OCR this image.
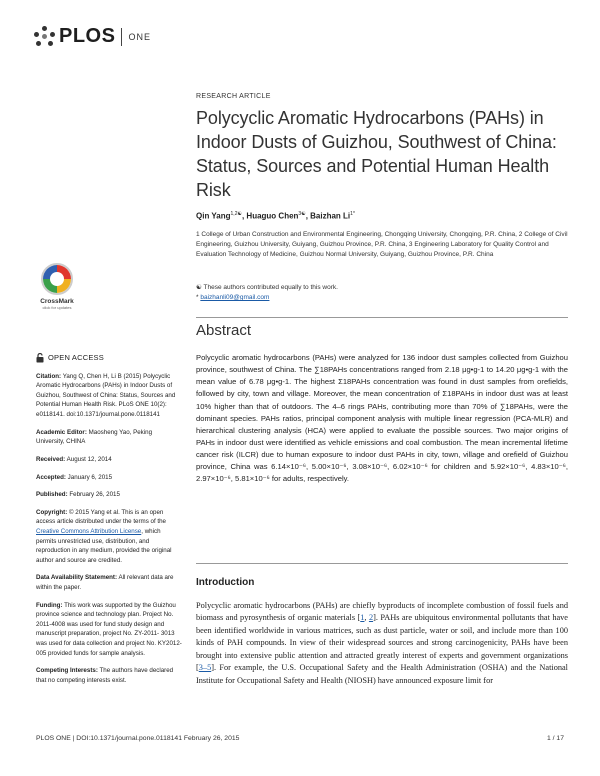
PLOS ONE
CrossMark
click for updates
OPEN ACCESS

Citation: Yang Q, Chen H, Li B (2015) Polycyclic Aromatic Hydrocarbons (PAHs) in Indoor Dusts of Guizhou, Southwest of China: Status, Sources and Potential Human Health Risk. PLoS ONE 10(2): e0118141. doi:10.1371/journal.pone.0118141

Academic Editor: Maosheng Yao, Peking University, CHINA

Received: August 12, 2014

Accepted: January 6, 2015

Published: February 26, 2015

Copyright: © 2015 Yang et al. This is an open access article distributed under the terms of the Creative Commons Attribution License, which permits unrestricted use, distribution, and reproduction in any medium, provided the original author and source are credited.

Data Availability Statement: All relevant data are within the paper.

Funding: This work was supported by the Guizhou province science and technology plan. Project No. 2011-4008 was used for fund study design and manuscript preparation, project No. ZY-2011- 3013 was used for data collection and project No. KY2012-005 provided funds for sample analysis.

Competing Interests: The authors have declared that no competing interests exist.

RESEARCH ARTICLE
Polycyclic Aromatic Hydrocarbons (PAHs) in Indoor Dusts of Guizhou, Southwest of China: Status, Sources and Potential Human Health Risk
Qin Yang$^{1,2☯}$, Huaguo Chen$^{3☯}$, Baizhan $Li^{1*}$
1 College of Urban Construction and Environmental Engineering, Chongqing University, Chongqing, P.R. China, 2 College of Civil Engineering, Guizhou University, Guiyang, Guizhou Province, P.R. China, 3 Engineering Laboratory for Quality Control and Evaluation Technology of Medicine, Guizhou Normal University, Guiyang, Guizhou Province, P.R. China
☯ These authors contributed equally to this work.
* baizhanli09@gmail.com
Abstract
Polycyclic aromatic hydrocarbons (PAHs) were analyzed for 136 indoor dust samples collected from Guizhou province, southwest of China. The ∑18PAHs concentrations ranged from 2.18 μg•g-1 to 14.20 μg•g-1 with the mean value of 6.78 μg•g-1. The highest Σ18PAHs concentration was found in dust samples from orefields, followed by city, town and village. Moreover, the mean concentration of Σ18PAHs in indoor dust was at least 10% higher than that of outdoors. The 4–6 rings PAHs, contributing more than 70% of ∑18PAHs, were the dominant species. PAHs ratios, principal component analysis with multiple linear regression (PCA-MLR) and hierarchical clustering analysis (HCA) were applied to evaluate the possible sources. Two major origins of PAHs in indoor dust were identified as vehicle emissions and coal combustion. The mean incremental lifetime cancer risk (ILCR) due to human exposure to indoor dust PAHs in city, town, village and orefield of Guizhou province, China was 6.14×10⁻⁶, 5.00×10⁻⁶, 3.08×10⁻⁶, 6.02×10⁻⁶ for children and 5.92×10⁻⁶, 4.83×10⁻⁶, 2.97×10⁻⁶, 5.81×10⁻⁶ for adults, respectively.
Introduction
Polycyclic aromatic hydrocarbons (PAHs) are chiefly byproducts of incomplete combustion of fossil fuels and biomass and pyrosynthesis of organic materials [1, 2]. PAHs are ubiquitous environmental pollutants that have been identified worldwide in various matrices, such as dust particle, water or soil, and include more than 100 kinds of PAH compounds. In view of their widespread sources and strong carcinogenicity, PAHs have been brought into extensive public attention and attracted greatly interest of experts and government organizations [3–5]. For example, the U.S. Occupational Safety and the Health Administration (OSHA) and the National Institute for Occupational Safety and Health (NIOSH) have announced exposure limit for
PLOS ONE | DOI:10.1371/journal.pone.0118141 February 26, 2015	1 / 17
